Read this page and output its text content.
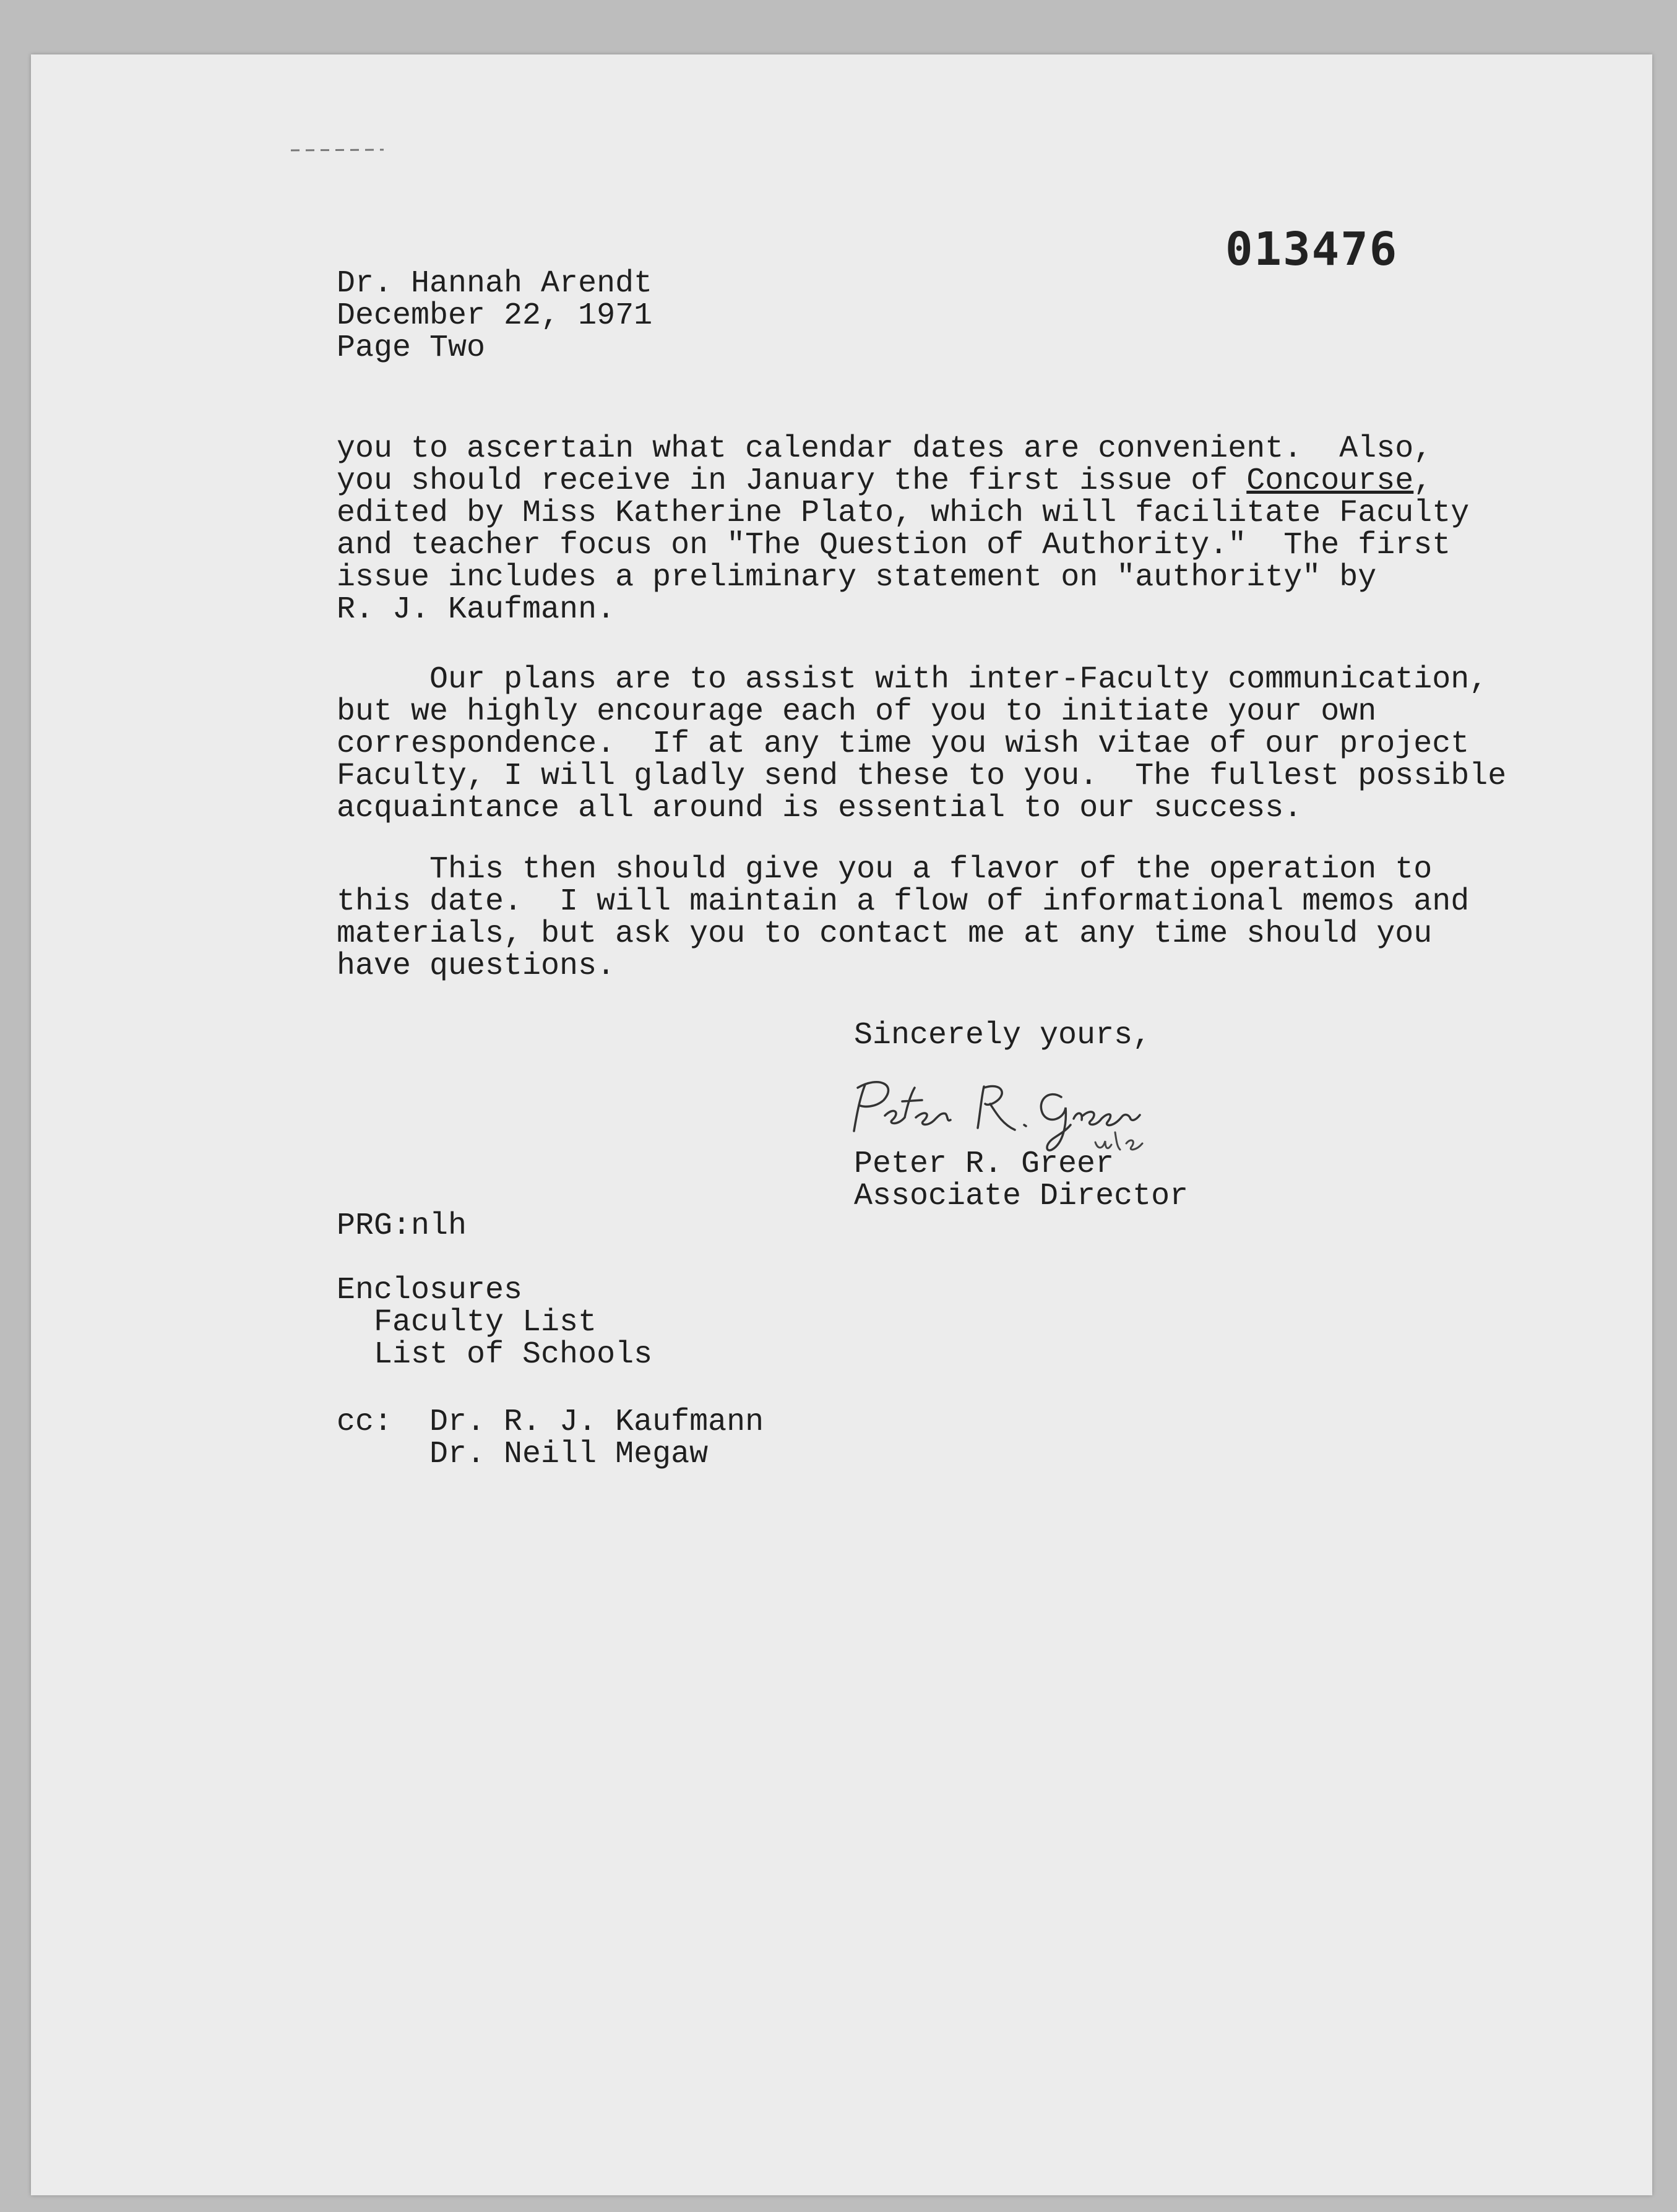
013476
Dr. Hannah Arendt
December 22, 1971
Page Two
you to ascertain what calendar dates are convenient.  Also,
you should receive in January the first issue of Concourse,
edited by Miss Katherine Plato, which will facilitate Faculty
and teacher focus on "The Question of Authority."  The first
issue includes a preliminary statement on "authority" by
R. J. Kaufmann.
Our plans are to assist with inter-Faculty communication,
but we highly encourage each of you to initiate your own
correspondence.  If at any time you wish vitae of our project
Faculty, I will gladly send these to you.  The fullest possible
acquaintance all around is essential to our success.
This then should give you a flavor of the operation to
this date.  I will maintain a flow of informational memos and
materials, but ask you to contact me at any time should you
have questions.
Sincerely yours,
Peter R. Greer
Associate Director
PRG:nlh
Enclosures
Faculty List
List of Schools
cc:  Dr. R. J. Kaufmann
Dr. Neill Megaw
